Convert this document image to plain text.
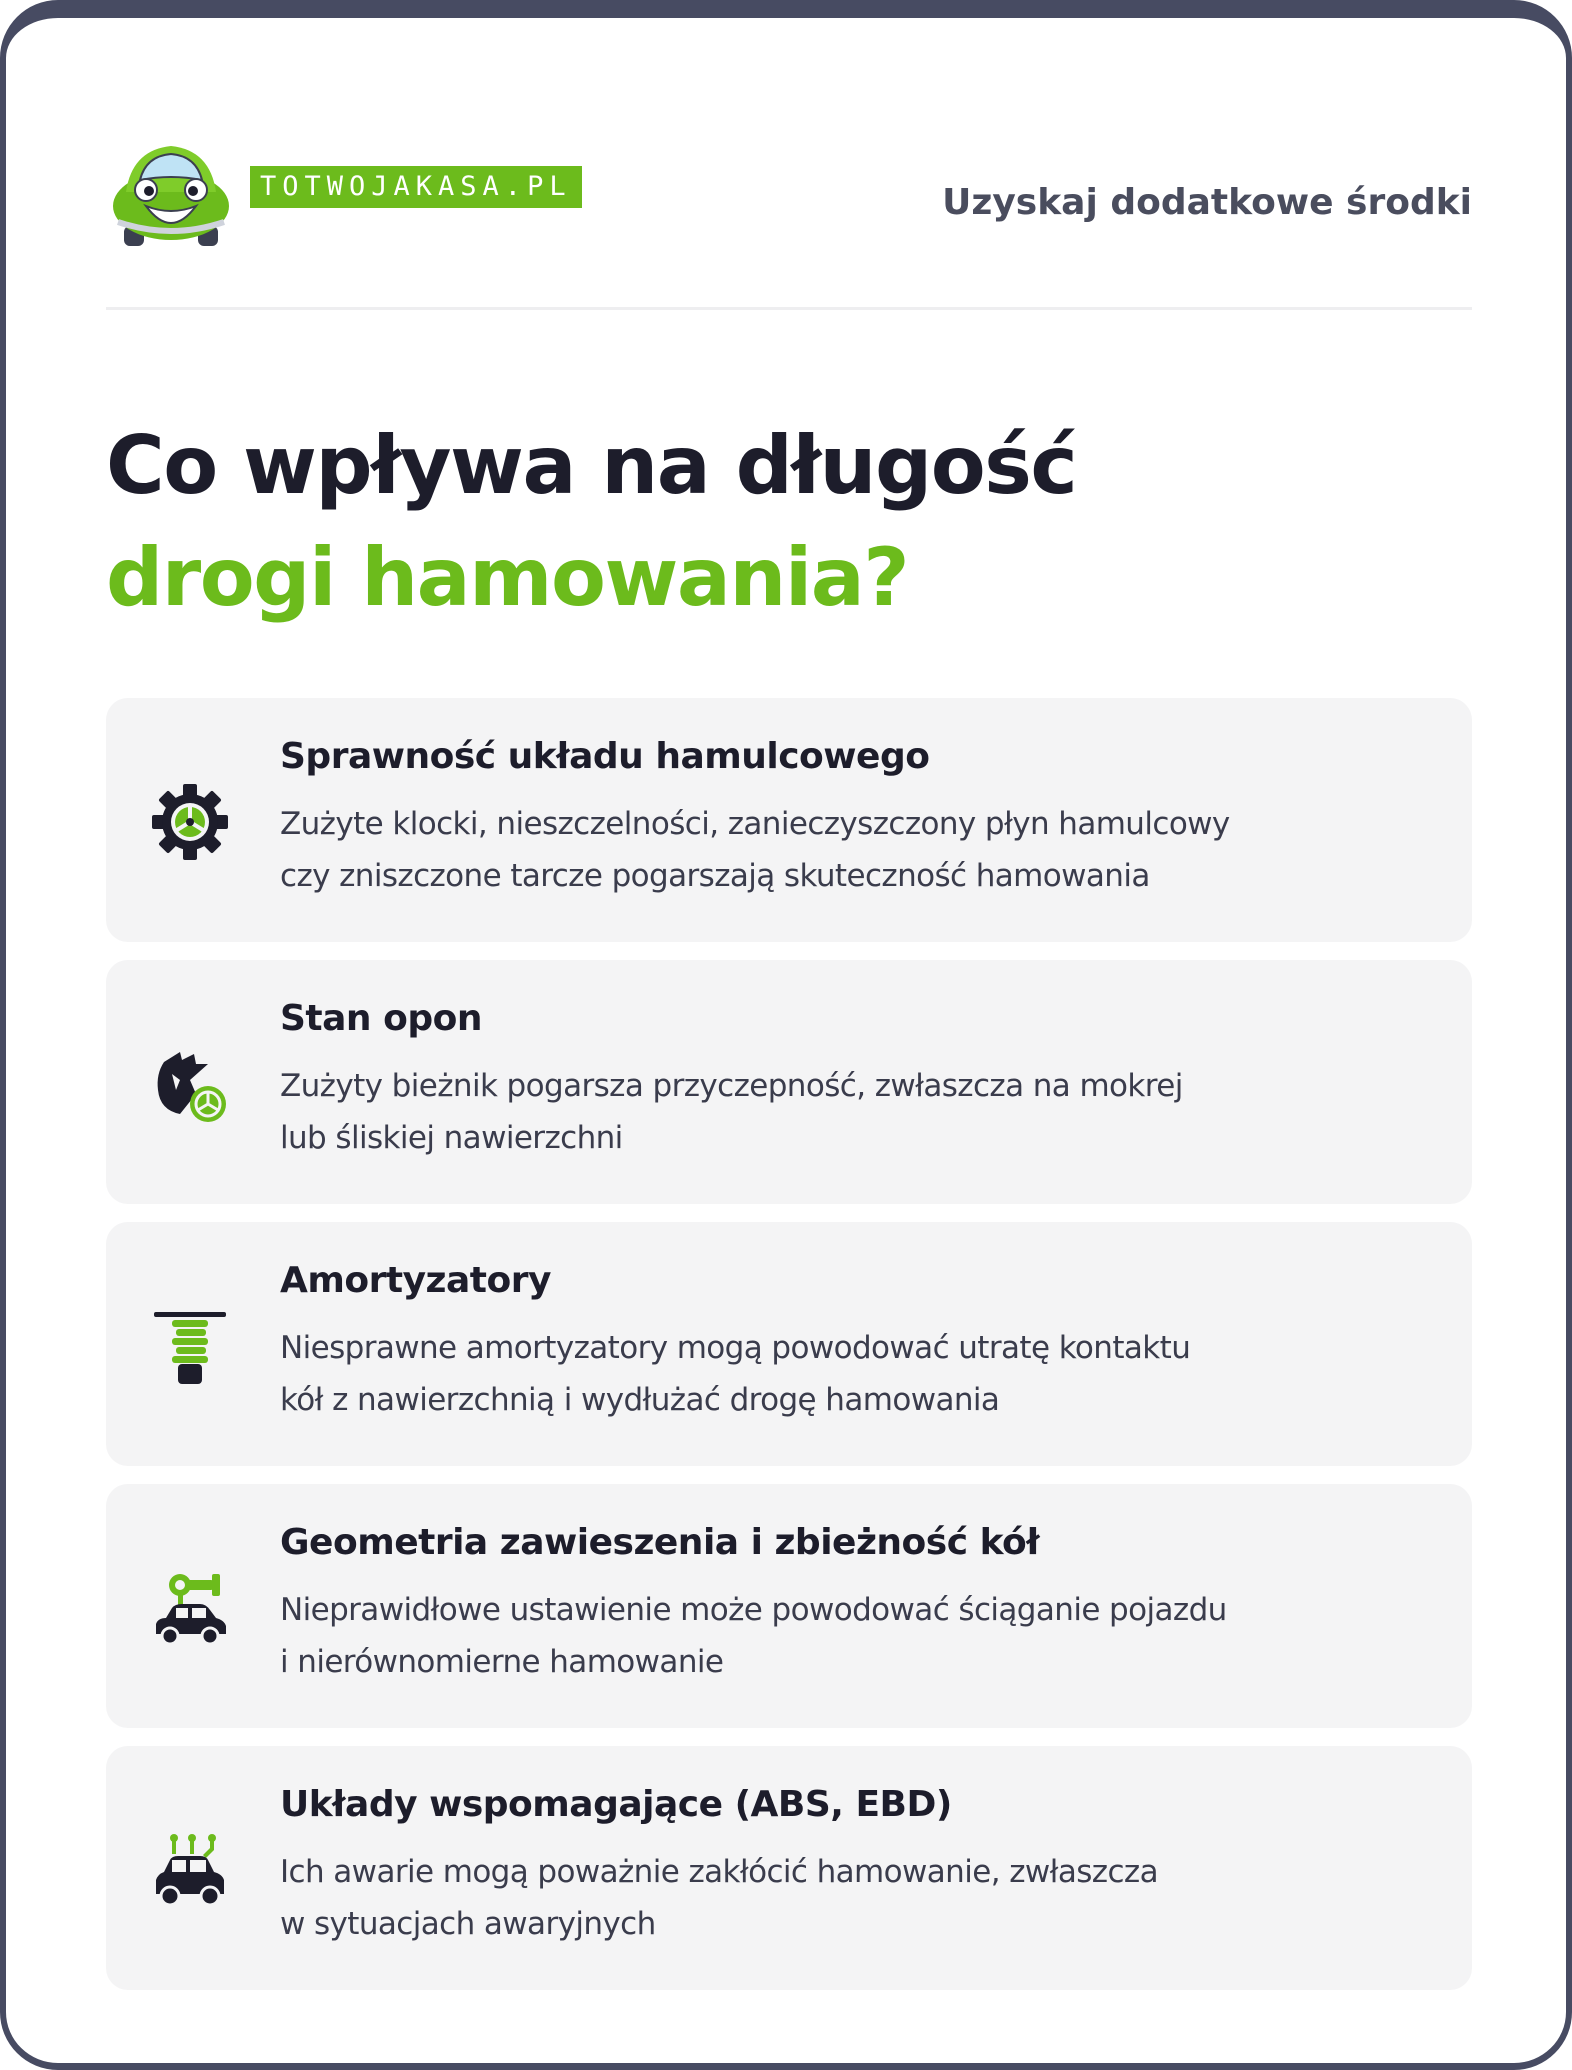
TOTWOJAKASA.PL	Uzyskaj dodatkowe środki
Co wpływa na długość
drogi hamowania?
Sprawność układu hamulcowego
Zużyte klocki, nieszczelności, zanieczyszczony płyn hamulcowy
czy zniszczone tarcze pogarszają skuteczność hamowania
Stan opon
Zużyty bieżnik pogarsza przyczepność, zwłaszcza na mokrej
lub śliskiej nawierzchni
Amortyzatory
Niesprawne amortyzatory mogą powodować utratę kontaktu
kół z nawierzchnią i wydłużać drogę hamowania
Geometria zawieszenia i zbieżność kół
Nieprawidłowe ustawienie może powodować ściąganie pojazdu
i nierównomierne hamowanie
Układy wspomagające (ABS, EBD)
Ich awarie mogą poważnie zakłócić hamowanie, zwłaszcza
w sytuacjach awaryjnych
